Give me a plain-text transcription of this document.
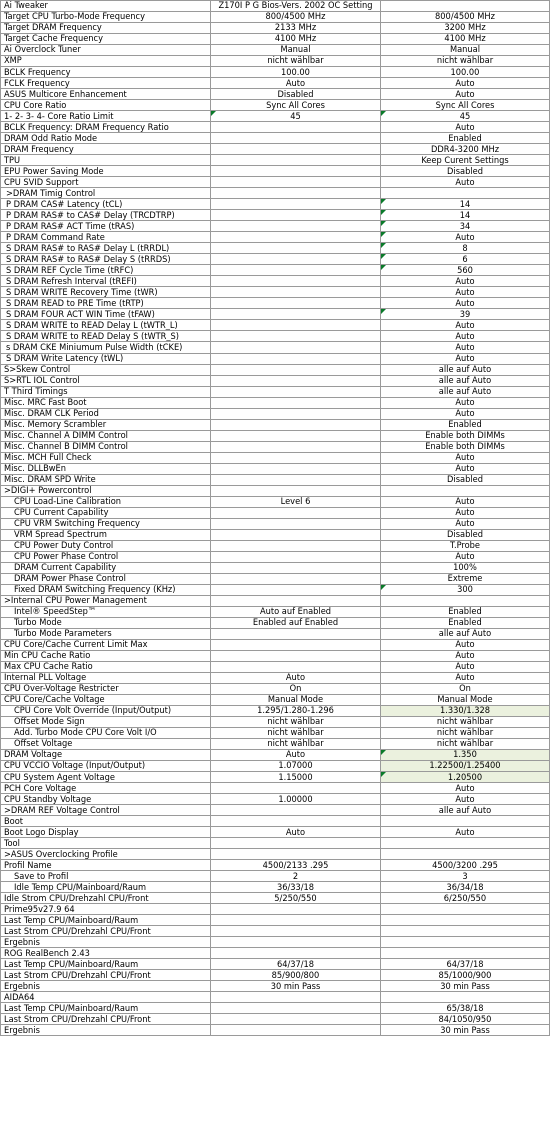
Ai Tweaker	Z170I P G Bios-Vers. 2002 OC Setting	
Target CPU Turbo-Mode Frequency	800/4500 MHz	800/4500 MHz
Target DRAM Frequency	2133 MHz	3200 MHz
Target Cache Frequency	4100 MHz	4100 MHz
Ai Overclock Tuner	Manual	Manual
XMP	nicht wählbar	nicht wählbar
BCLK Frequency	100.00	100.00
FCLK Frequency	Auto	Auto
ASUS Multicore Enhancement	Disabled	Auto
CPU Core Ratio	Sync All Cores	Sync All Cores
1- 2- 3- 4- Core Ratio Limit	45	45
BCLK Frequency: DRAM Frequency Ratio		Auto
DRAM Odd Ratio Mode		Enabled
DRAM Frequency		DDR4-3200 MHz
TPU		Keep Curent Settings
EPU Power Saving Mode		Disabled
CPU SVID Support		Auto
>DRAM Timig Control		
P DRAM CAS# Latency (tCL)		14
P DRAM RAS# to CAS# Delay (TRCDTRP)		14
P DRAM RAS# ACT Time (tRAS)		34
P DRAM Command Rate		Auto
S DRAM RAS# to RAS# Delay L (tRRDL)		8
S DRAM RAS# to RAS# Delay S (tRRDS)		6
S DRAM REF Cycle Time (tRFC)		560
S DRAM Refresh Interval (tREFI)		Auto
S DRAM WRITE Recovery Time (tWR)		Auto
S DRAM READ to PRE Time (tRTP)		Auto
S DRAM FOUR ACT WIN Time (tFAW)		39
S DRAM WRITE to READ Delay L (tWTR_L)		Auto
S DRAM WRITE to READ Delay S (tWTR_S)		Auto
s DRAM CKE Miniumum Pulse Width (tCKE)		Auto
S DRAM Write Latency (tWL)		Auto
S>Skew Control		alle auf Auto
S>RTL IOL Control		alle auf Auto
T Third Timings		alle auf Auto
Misc. MRC Fast Boot		Auto
Misc. DRAM CLK Period		Auto
Misc. Memory Scrambler		Enabled
Misc. Channel A DIMM Control		Enable both DIMMs
Misc. Channel B DIMM Control		Enable both DIMMs
Misc. MCH Full Check		Auto
Misc. DLLBwEn		Auto
Misc. DRAM SPD Write		Disabled
>DIGI+ Powercontrol		
CPU Load-Line Calibration	Level 6	Auto
CPU Current Capability		Auto
CPU VRM Switching Frequency		Auto
VRM Spread Spectrum		Disabled
CPU Power Duty Control		T.Probe
CPU Power Phase Control		Auto
DRAM Current Capability		100%
DRAM Power Phase Control		Extreme
Fixed DRAM Switching Frequency (KHz)		300
>Internal CPU Power Management		
Intel® SpeedStep™	Auto auf Enabled	Enabled
Turbo Mode	Enabled auf Enabled	Enabled
Turbo Mode Parameters		alle auf Auto
CPU Core/Cache Current Limit Max		Auto
Min CPU Cache Ratio		Auto
Max CPU Cache Ratio		Auto
Internal PLL Voltage	Auto	Auto
CPU Over-Voltage Restricter	On	On
CPU Core/Cache Voltage	Manual Mode	Manual Mode
CPU Core Volt Override (Input/Output)	1.295/1.280-1.296	1.330/1.328
Offset Mode Sign	nicht wählbar	nicht wählbar
Add. Turbo Mode CPU Core Volt I/O	nicht wählbar	nicht wählbar
Offset Voltage	nicht wählbar	nicht wählbar
DRAM Voltage	Auto	1.350
CPU VCCIO Voltage (Input/Output)	1.07000	1.22500/1.25400
CPU System Agent Voltage	1.15000	1.20500
PCH Core Voltage		Auto
CPU Standby Voltage	1.00000	Auto
>DRAM REF Voltage Control		alle auf Auto
Boot		
Boot Logo Display	Auto	Auto
Tool		
>ASUS Overclocking Profile		
Profil Name	4500/2133 .295	4500/3200 .295
Save to Profil	2	3
Idle Temp CPU/Mainboard/Raum	36/33/18	36/34/18
Idle Strom CPU/Drehzahl CPU/Front	5/250/550	6/250/550
Prime95v27.9 64		
Last Temp CPU/Mainboard/Raum		
Last Strom CPU/Drehzahl CPU/Front		
Ergebnis		
ROG RealBench 2.43		
Last Temp CPU/Mainboard/Raum	64/37/18	64/37/18
Last Strom CPU/Drehzahl CPU/Front	85/900/800	85/1000/900
Ergebnis	30 min Pass	30 min Pass
AIDA64		
Last Temp CPU/Mainboard/Raum		65/38/18
Last Strom CPU/Drehzahl CPU/Front		84/1050/950
Ergebnis		30 min Pass
